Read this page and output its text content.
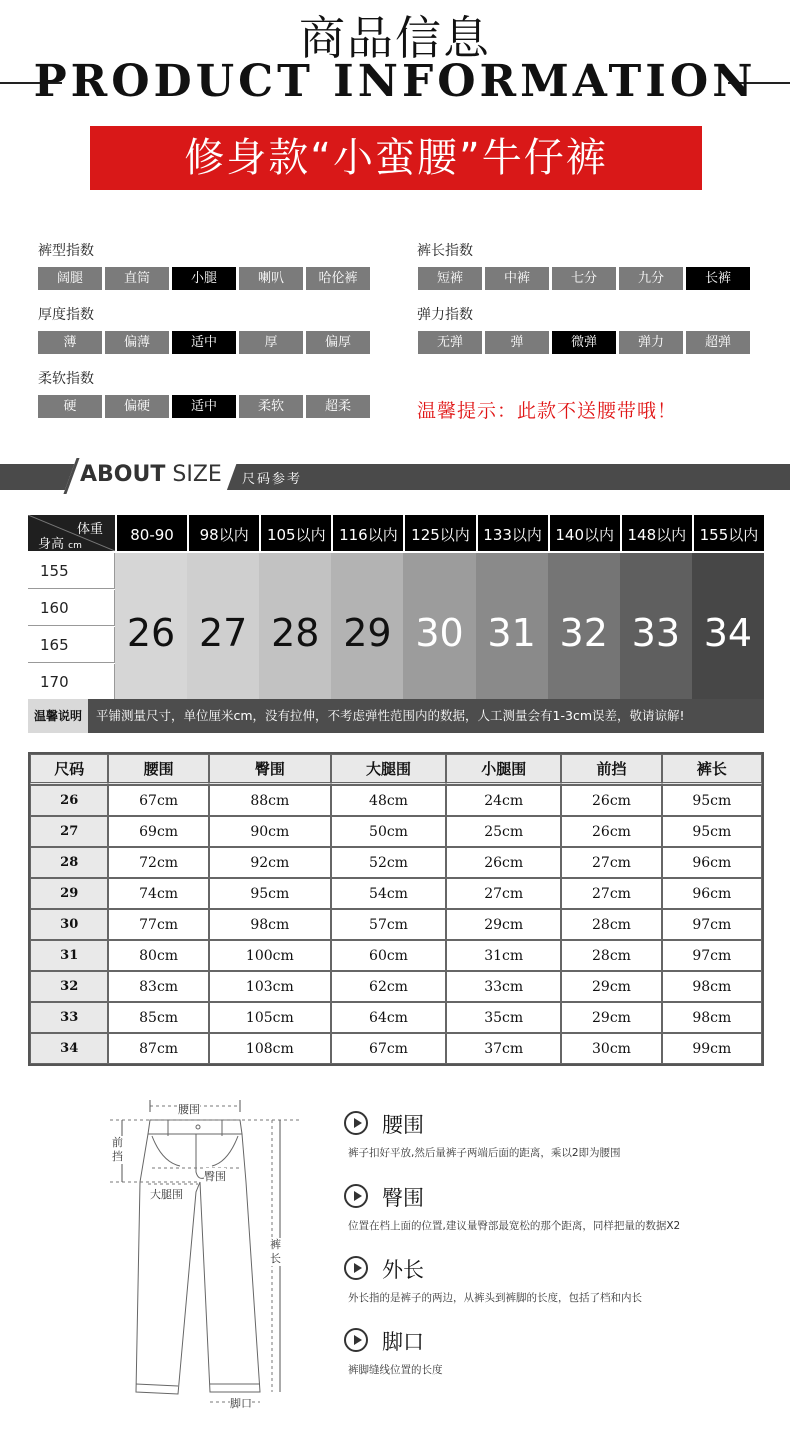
商品信息
PRODUCT INFORMATION
修身款“小蛮腰”牛仔裤
裤型指数
阔腿	直筒	小腿	喇叭	哈伦裤
裤长指数
短裤	中裤	七分	九分	长裤
厚度指数
薄	偏薄	适中	厚	偏厚
弹力指数
无弹	弹	微弹	弹力	超弹
柔软指数
硬	偏硬	适中	柔软	超柔	温馨提示：此款不送腰带哦！
ABOUT SIZE 尺码参考
体重
身高 cm
80-90	98以内	105以内 116以内 125以内 133以内 140以内 148以内 155以内
155
160
165
170
26 27 28 29 30 31 32 33 34
温馨说明	平铺测量尺寸，单位厘米cm，没有拉伸，不考虑弹性范围内的数据，人工测量会有1-3cm误差，敬请谅解!
尺码	腰围	臀围	大腿围	小腿围	前挡	裤长
26	67cm	88cm	48cm	24cm	26cm	95cm
27	69cm	90cm	50cm	25cm	26cm	95cm
28	72cm	92cm	52cm	26cm	27cm	96cm
29	74cm	95cm	54cm	27cm	27cm	96cm
30	77cm	98cm	57cm	29cm	28cm	97cm
31	80cm	100cm	60cm	31cm	28cm	97cm
32	83cm	103cm	62cm	33cm	29cm	98cm
33	85cm	105cm	64cm	35cm	29cm	98cm
34	87cm	108cm	67cm	37cm	30cm	99cm
腰围
前挡
臀围
大腿围
裤长
脚口
腰围
裤子扣好平放,然后量裤子两端后面的距离，乘以2即为腰围
臀围
位置在档上面的位置,建议量臀部最宽松的那个距离，同样把量的数据X2
外长
外长指的是裤子的两边，从裤头到裤脚的长度，包括了档和内长
脚口
裤脚缝线位置的长度
